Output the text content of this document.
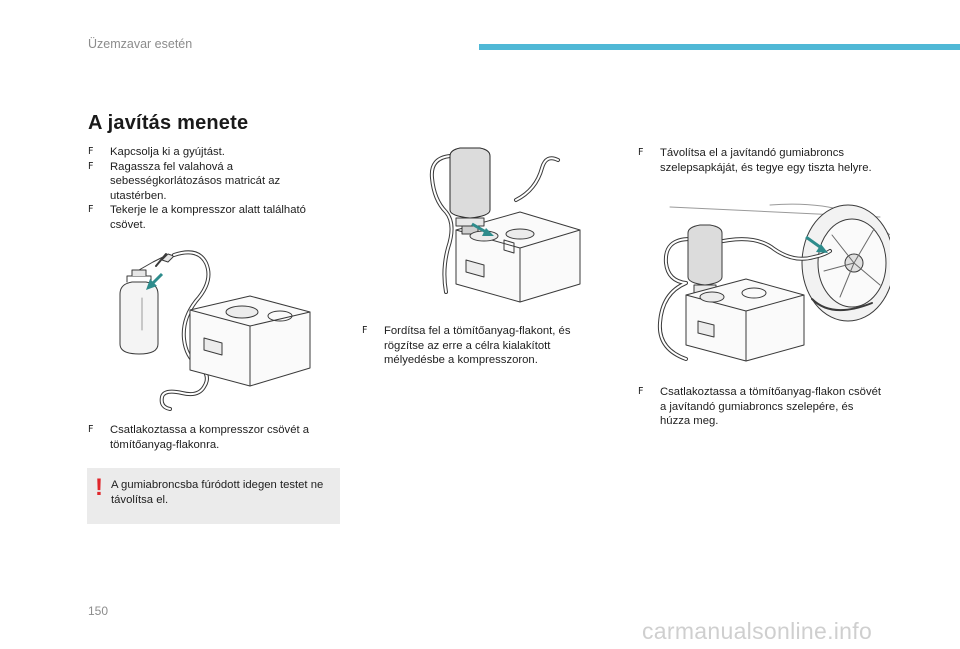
Üzemzavar esetén
A javítás menete
F Kapcsolja ki a gyújtást.
F Ragassza fel valahová a sebességkorlátozásos matricát az utastérben.
F Tekerje le a kompresszor alatt található csövet.
F Csatlakoztassa a kompresszor csövét a tömítőanyag-flakonra.
! A gumiabroncsba fúródott idegen testet ne távolítsa el.
F Fordítsa fel a tömítőanyag-flakont, és rögzítse az erre a célra kialakított mélyedésbe a kompresszoron.
F Távolítsa el a javítandó gumiabroncs szelepsapkáját, és tegye egy tiszta helyre.
F Csatlakoztassa a tömítőanyag-flakon csövét a javítandó gumiabroncs szelepére, és húzza meg.
150
carmanualsonline.info
